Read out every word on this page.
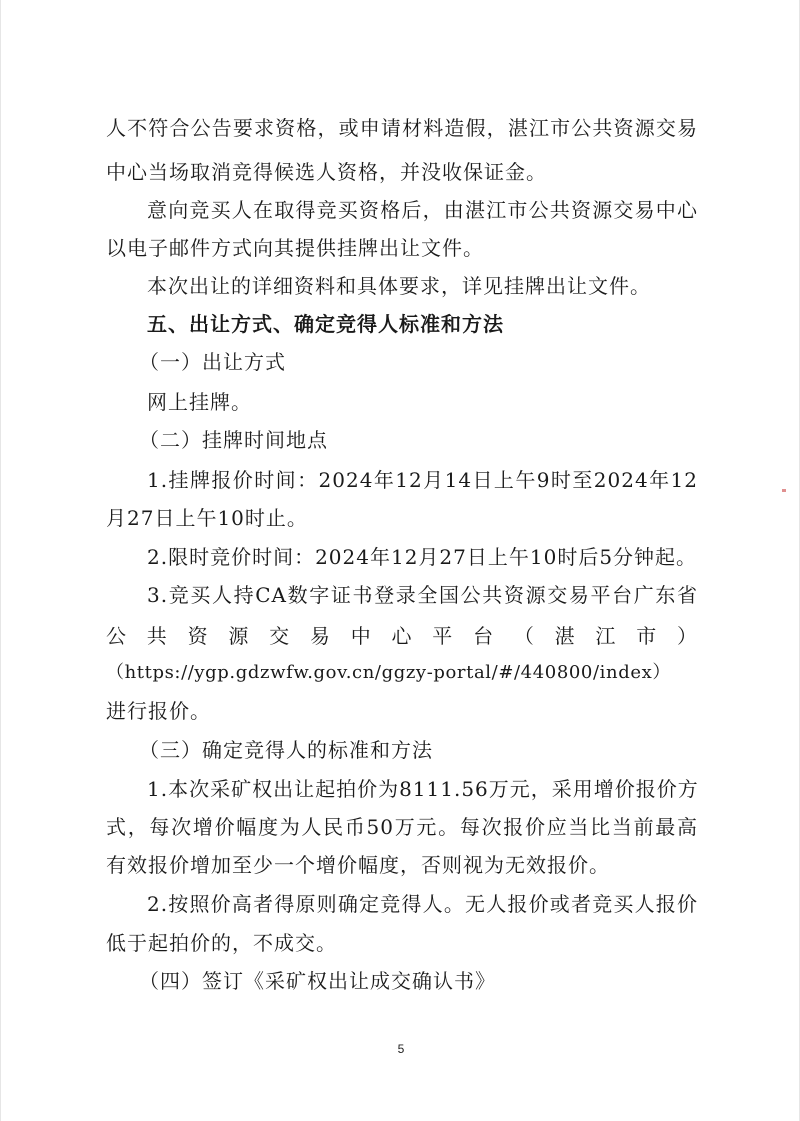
人不符合公告要求资格，或申请材料造假，湛江市公共资源交易
中心当场取消竞得候选人资格，并没收保证金。
意向竞买人在取得竞买资格后，由湛江市公共资源交易中心
以电子邮件方式向其提供挂牌出让文件。
本次出让的详细资料和具体要求，详见挂牌出让文件。
五、出让方式、确定竞得人标准和方法
（一）出让方式
网上挂牌。
（二）挂牌时间地点
1.挂牌报价时间：2024年12月14日上午9时至2024年12
月27日上午10时止。
2.限时竞价时间：2024年12月27日上午10时后5分钟起。
3.竞买人持CA数字证书登录全国公共资源交易平台广东省
公 共 资 源 交 易 中 心 平 台 （ 湛 江 市 ）
（https://ygp.gdzwfw.gov.cn/ggzy-portal/#/440800/index）
进行报价。
（三）确定竞得人的标准和方法
1.本次采矿权出让起拍价为8111.56万元，采用增价报价方
式，每次增价幅度为人民币50万元。每次报价应当比当前最高
有效报价增加至少一个增价幅度，否则视为无效报价。
2.按照价高者得原则确定竞得人。无人报价或者竞买人报价
低于起拍价的，不成交。
（四）签订《采矿权出让成交确认书》
5
